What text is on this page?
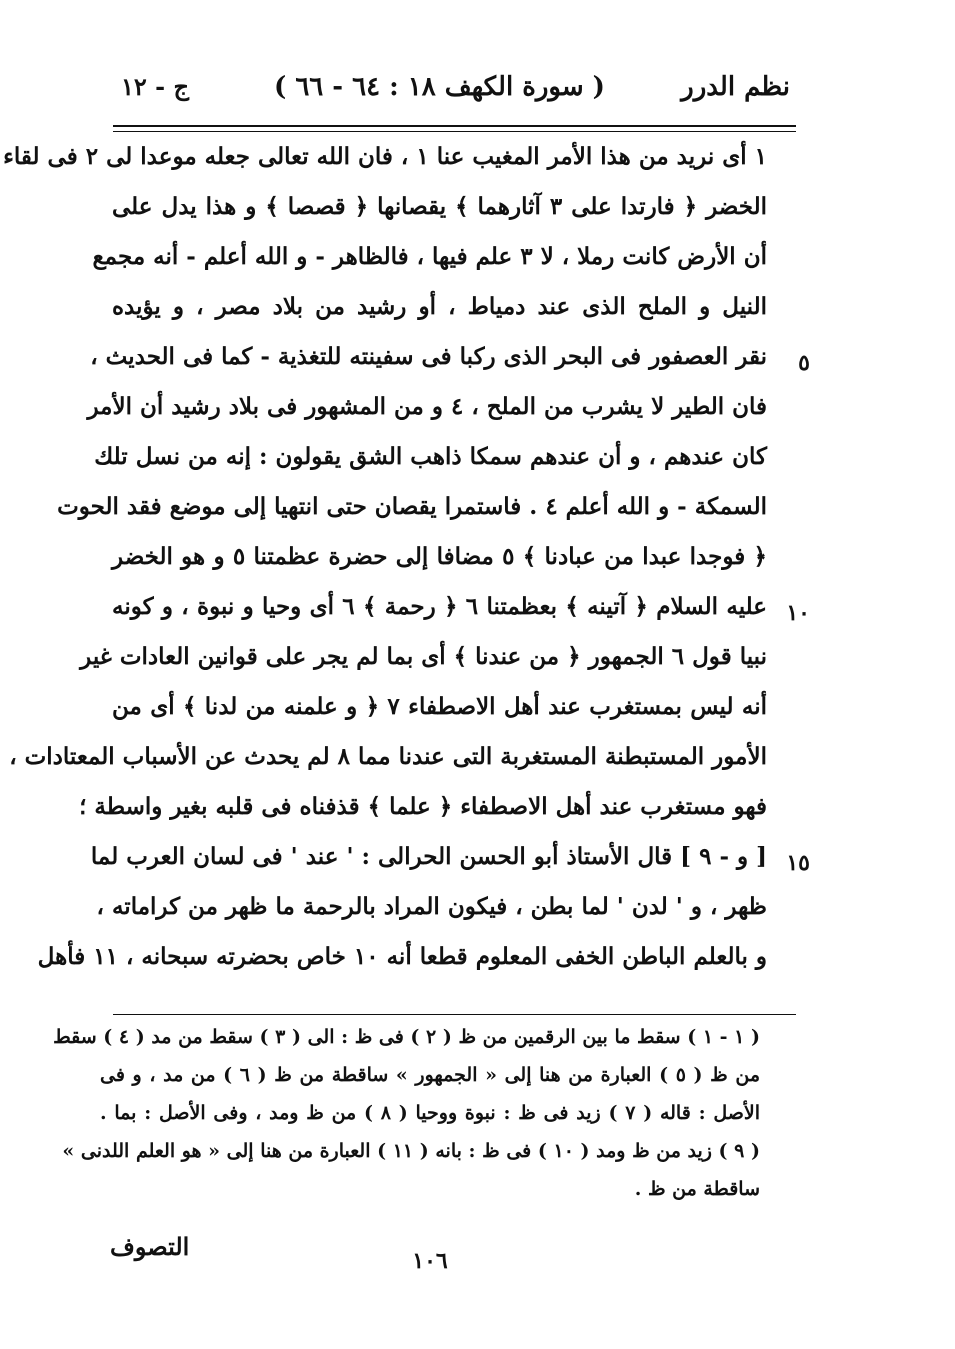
نظم الدرر
( سورة الكهف ١٨ : ٦٤ - ٦٦ )
ج - ١٢
١ أى نريد من هذا الأمر المغيب عنا ١ ، فان الله تعالى جعله موعدا لى ٢ فى لقاء
الخضر ﴿ فارتدا على ٣ آثارهما ﴾ يقصانها ﴿ قصصا ﴾ و هذا يدل على
أن الأرض كانت رملا ، لا ٣ علم فيها ، فالظاهر - و الله أعلم - أنه مجمع
النيل و الملح الذى عند دمياط ، أو رشيد من بلاد مصر ، و يؤيده
نقر العصفور فى البحر الذى ركبا فى سفينته للتغذية - كما فى الحديث ،
فان الطير لا يشرب من الملح ، ٤ و من المشهور فى بلاد رشيد أن الأمر
كان عندهم ، و أن عندهم سمكا ذاهب الشق يقولون : إنه من نسل تلك
السمكة - و الله أعلم ٤ . فاستمرا يقصان حتى انتهيا إلى موضع فقد الحوت
﴿ فوجدا عبدا من عبادنا ﴾ ٥ مضافا إلى حضرة عظمتنا ٥ و هو الخضر
عليه السلام ﴿ آتينه ﴾ بعظمتنا ٦ ﴿ رحمة ﴾ ٦ أى وحيا و نبوة ، و كونه
نبيا قول ٦ الجمهور ﴿ من عندنا ﴾ أى بما لم يجر على قوانين العادات غير
أنه ليس بمستغرب عند أهل الاصطفاء ٧ ﴿ و علمنه من لدنا ﴾ أى من
الأمور المستبطنة المستغربة التى عندنا مما ٨ لم يحدث عن الأسباب المعتادات ،
فهو مستغرب عند أهل الاصطفاء ﴿ علما ﴾ قذفناه فى قلبه بغير واسطة ؛
[ و - ٩ ] قال الأستاذ أبو الحسن الحرالى : ' عند ' فى لسان العرب لما
ظهر ، و ' لدن ' لما بطن ، فيكون المراد بالرحمة ما ظهر من كراماته ،
و بالعلم الباطن الخفى المعلوم قطعا أنه ١٠ خاص بحضرته سبحانه ، ١١ فأهل
٥
١٠
١٥
( ١ - ١ ) سقط ما بين الرقمين من ظ ( ٢ ) فى ظ : الى ( ٣ ) سقط من مد ( ٤ ) سقط
من ظ ( ٥ ) العبارة من هنا إلى « الجمهور » ساقطة من ظ ( ٦ ) من مد ، و فى
الأصل : قاله ( ٧ ) زيد فى ظ : نبوة ووحيا ( ٨ ) من ظ ومد ، وفى الأصل : بما .
( ٩ ) زيد من ظ ومد ( ١٠ ) فى ظ : بانه ( ١١ ) العبارة من هنا إلى « هو العلم اللدنى »
ساقطة من ظ .
التصوف	١٠٦
